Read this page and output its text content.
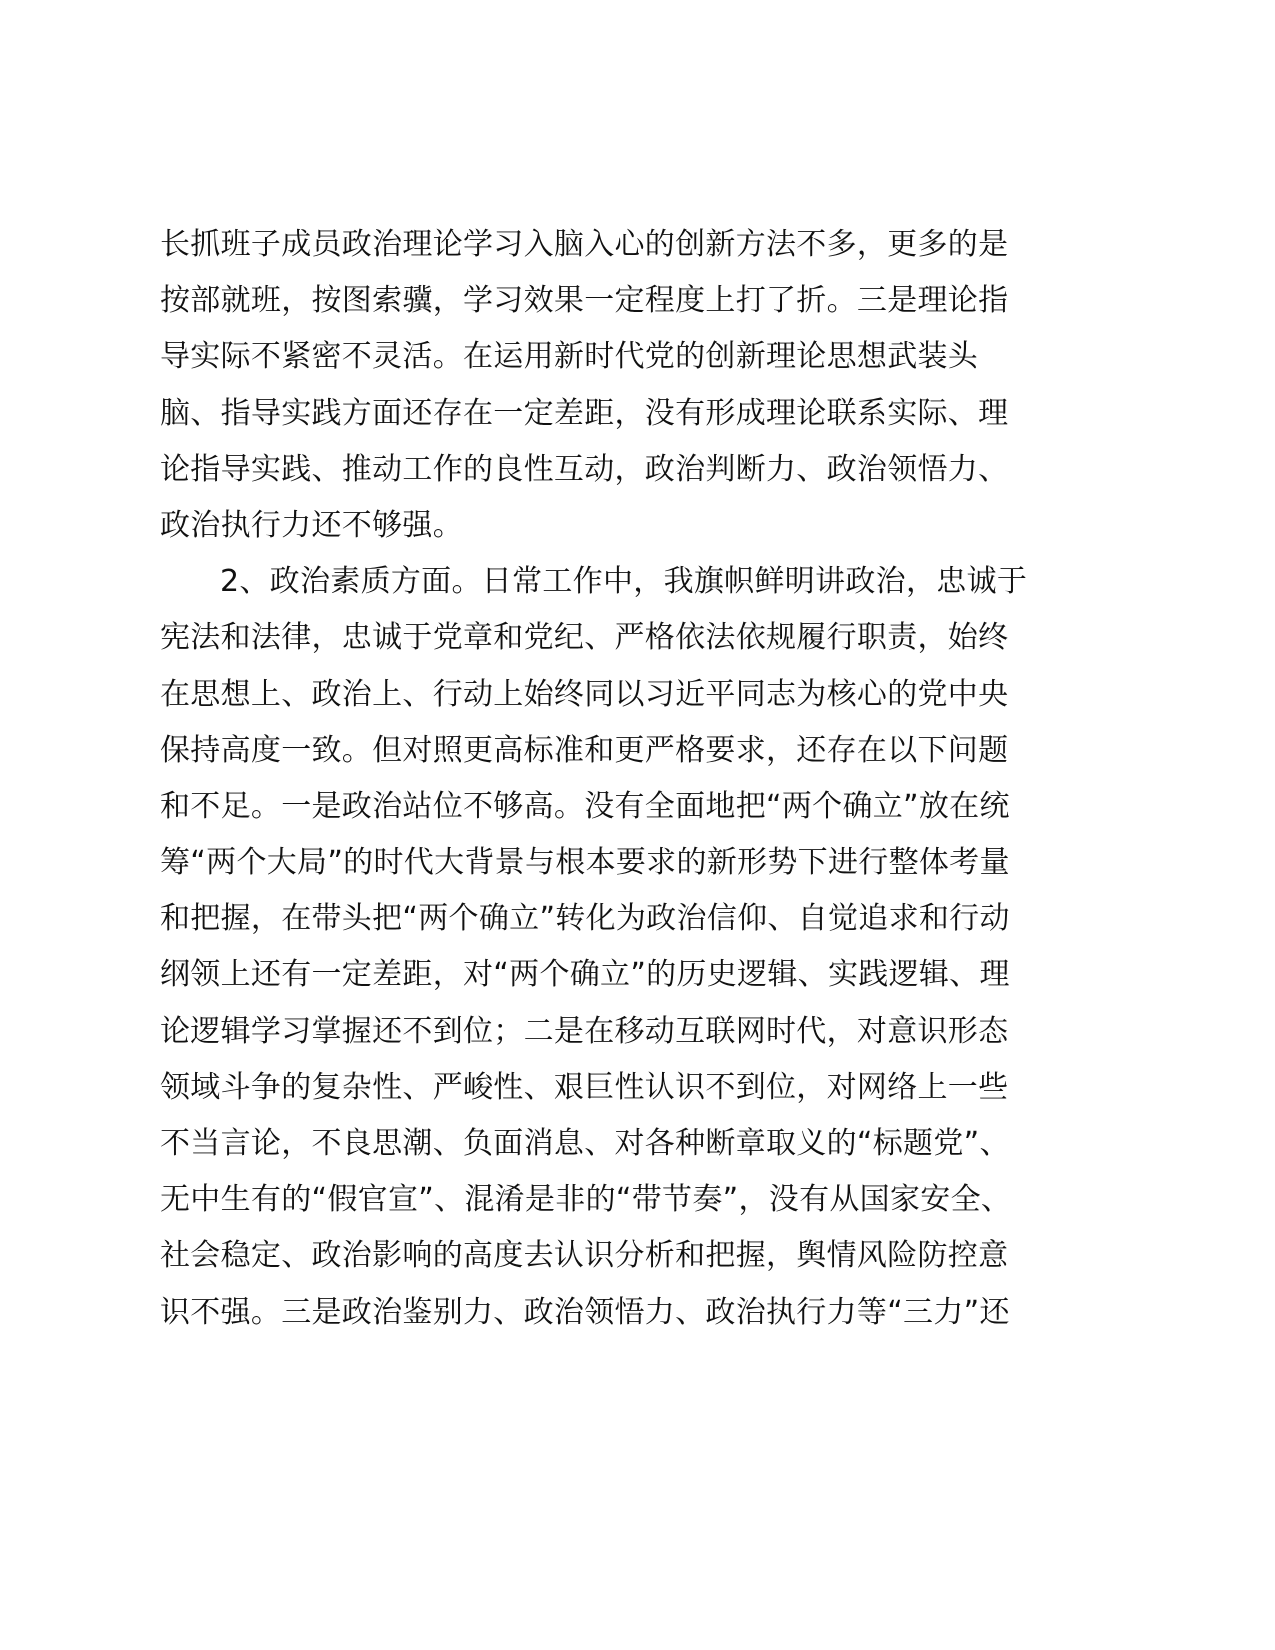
长抓班子成员政治理论学习入脑入心的创新方法不多，更多的是
按部就班，按图索骥，学习效果一定程度上打了折。三是理论指
导实际不紧密不灵活。在运用新时代党的创新理论思想武装头
脑、指导实践方面还存在一定差距，没有形成理论联系实际、理
论指导实践、推动工作的良性互动，政治判断力、政治领悟力、
政治执行力还不够强。
2、政治素质方面。日常工作中，我旗帜鲜明讲政治，忠诚于
宪法和法律，忠诚于党章和党纪、严格依法依规履行职责，始终
在思想上、政治上、行动上始终同以习近平同志为核心的党中央
保持高度一致。但对照更高标准和更严格要求，还存在以下问题
和不足。一是政治站位不够高。没有全面地把“两个确立”放在统
筹“两个大局”的时代大背景与根本要求的新形势下进行整体考量
和把握，在带头把“两个确立”转化为政治信仰、自觉追求和行动
纲领上还有一定差距，对“两个确立”的历史逻辑、实践逻辑、理
论逻辑学习掌握还不到位；二是在移动互联网时代，对意识形态
领域斗争的复杂性、严峻性、艰巨性认识不到位，对网络上一些
不当言论，不良思潮、负面消息、对各种断章取义的“标题党”、
无中生有的“假官宣”、混淆是非的“带节奏”，没有从国家安全、
社会稳定、政治影响的高度去认识分析和把握，舆情风险防控意
识不强。三是政治鉴别力、政治领悟力、政治执行力等“三力”还
